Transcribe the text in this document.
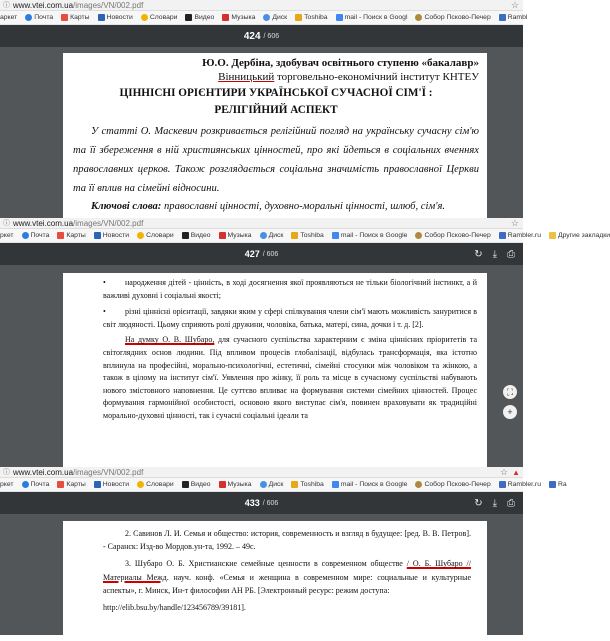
ⓘ www.vtei.com.ua /images/VN/002.pdf	☆
аркет	Почта	Карты	Новости	Словари	Видео	Музыка	Диск	Toshiba	mail - Поиск в Googl	Собор Псково-Печер	Rambl
424 / 606
Ю.О. Дербіна, здобувач освітнього ступеню «бакалавр»
Вінницький торговельно-економічний інститут КНТЕУ
ЦІННІСНІ ОРІЄНТИРИ УКРАЇНСЬКОЇ СУЧАСНОЇ СІМ'Ї :
РЕЛІГІЙНИЙ АСПЕКТ
У статті О. Маскевич розкривається релігійний погляд на українську сучасну сім'ю та її збереження в ній християнських цінностей, про які йдеться в соціальних вченнях православних церков. Також розглядається соціальна значимість православної Церкви та її вплив на сімейні відносини.
Ключові слова: православні цінності, духовно-моральні цінності, шлюб, сім'я.
ⓘ www.vtei.com.ua /images/VN/002.pdf	☆
ркет	Почта	Карты	Новости	Словари	Видео	Музыка	Диск	Toshiba	mail - Поиск в Google	Собор Псково-Печер	Rambler.ru	Другие закладки
427 / 606	↻ ⤓ ⎙
• народження дітей - цінність, в ході досягнення якої проявляються не тільки біологічний інстинкт, а й важливі духовні і соціальні якості;
• різні ціннісні орієнтації, завдяки яким у сфері спілкування члени сім'ї мають можливість зануритися в світ людяності. Цьому сприяють ролі дружини, чоловіка, батька, матері, сина, дочки і т. д. [2].
На думку О. В. Шубаро, для сучасного суспільства характерним є зміна ціннісних пріоритетів та світоглядних основ людини. Під впливом процесів глобалізації, відбулась трансформація, яка істотно вплинула на професійні, морально-психологічні, естетичні, сімейні стосунки між чоловіком та жінкою, а також в цілому на інститут сім'ї. Уявлення про жінку, її роль та місце в сучасному суспільстві набувають нового змістовного наповнення. Це суттєво впливає на формування системи сімейних цінностей. Процес формування гармонійної особистості, основою якого виступає сім'я, повинен враховувати як традиційні морально-духовні цінності, так і сучасні соціальні ідеали та
⛶
+
ⓘ www.vtei.com.ua /images/VN/002.pdf	☆ ▲
ркет	Почта	Карты	Новости	Словари	Видео	Музыка	Диск	Toshiba	mail - Поиск в Google	Собор Псково-Печер	Rambler.ru	Ra
433 / 606	↻ ⤓ ⎙
2. Савинов Л. И. Семья и общество: история, современность и взгляд в будущее: [ред. В. В. Петров]. - Саранск: Изд-во Мордов.ун-та, 1992. – 49с.
3. Шубаро О. Б. Христианские семейные ценности в современном обществе / О. Б. Шубаро // Материалы Межд. науч. конф. «Семья и женщина в современном мире: социальные и культурные аспекты», г. Минск, Ин-т философии АН РБ. [Электронный ресурс: режим доступа:
http://elib.bsu.by/handle/123456789/39181].
